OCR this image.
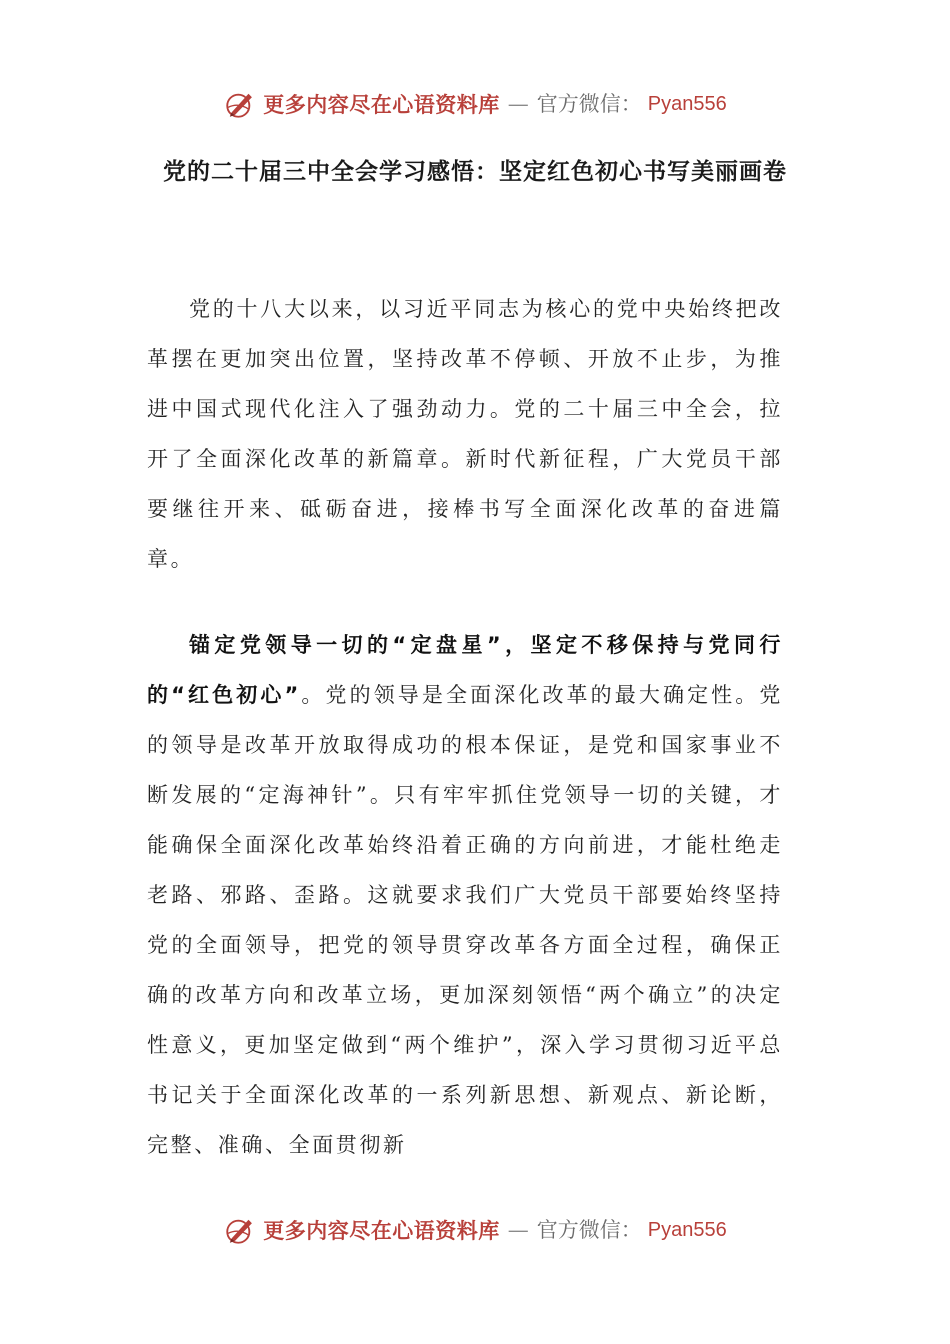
更多内容尽在心语资料库 — 官方微信： Pyan556
党的二十届三中全会学习感悟：坚定红色初心书写美丽画卷

党的十八大以来，以习近平同志为核心的党中央始终把改革摆在更加突出位置，坚持改革不停顿、开放不止步，为推进中国式现代化注入了强劲动力。党的二十届三中全会，拉开了全面深化改革的新篇章。新时代新征程，广大党员干部要继往开来、砥砺奋进，接棒书写全面深化改革的奋进篇章。

锚定党领导一切的“定盘星”，坚定不移保持与党同行的“红色初心”。党的领导是全面深化改革的最大确定性。党的领导是改革开放取得成功的根本保证，是党和国家事业不断发展的“定海神针”。只有牢牢抓住党领导一切的关键，才能确保全面深化改革始终沿着正确的方向前进，才能杜绝走老路、邪路、歪路。这就要求我们广大党员干部要始终坚持党的全面领导，把党的领导贯穿改革各方面全过程，确保正确的改革方向和改革立场，更加深刻领悟“两个确立”的决定性意义，更加坚定做到“两个维护”，深入学习贯彻习近平总书记关于全面深化改革的一系列新思想、新观点、新论断，完整、准确、全面贯彻新

更多内容尽在心语资料库 — 官方微信： Pyan556
